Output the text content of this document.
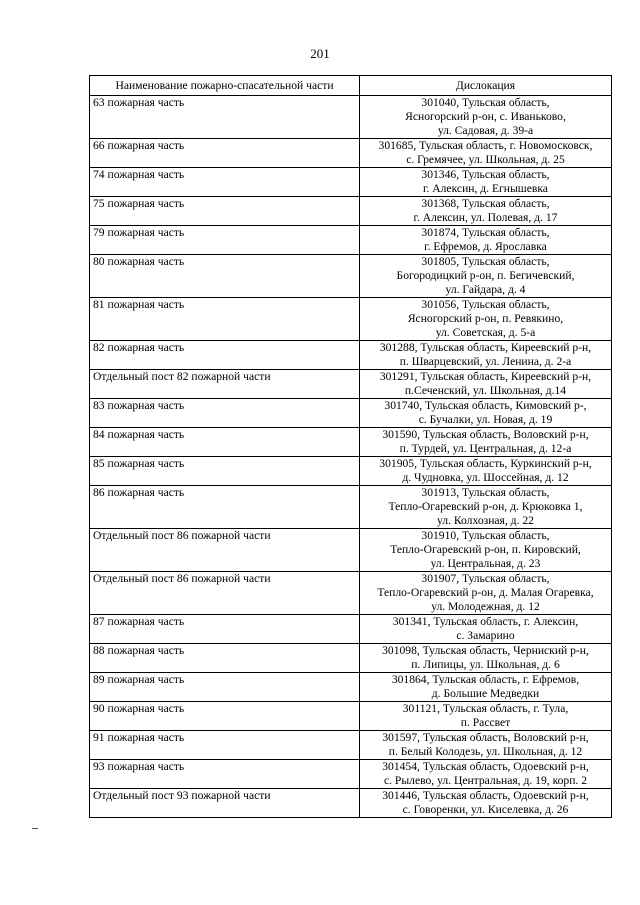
201
Наименование пожарно-спасательной части	Дислокация
63 пожарная часть	301040, Тульская область,
Ясногорский р-он, с. Иваньково,
ул. Садовая, д. 39-а

66 пожарная часть	301685, Тульская область, г. Новомосковск,
с. Гремячее, ул. Школьная, д. 25

74 пожарная часть	301346, Тульская область,
г. Алексин, д. Егнышевка

75 пожарная часть	301368, Тульская область,
г. Алексин, ул. Полевая, д. 17

79 пожарная часть	301874, Тульская область,
г. Ефремов, д. Ярославка

80 пожарная часть	301805, Тульская область,
Богородицкий р-он, п. Бегичевский,
ул. Гайдара, д. 4

81 пожарная часть	301056, Тульская область,
Ясногорский р-он, п. Ревякино,
ул. Советская, д. 5-а

82 пожарная часть	301288, Тульская область, Киреевский р-н,
п. Шварцевский, ул. Ленина, д. 2-а

Отдельный пост 82 пожарной части	301291, Тульская область, Киреевский р-н,
п.Сеченский, ул. Школьная, д.14

83 пожарная часть	301740, Тульская область, Кимовский р-,
с. Бучалки, ул. Новая, д. 19

84 пожарная часть	301590, Тульская область, Воловский р-н,
п. Турдей, ул. Центральная, д. 12-а

85 пожарная часть	301905, Тульская область, Куркинский р-н,
д. Чудновка, ул. Шоссейная, д. 12

86 пожарная часть	301913, Тульская область,
Тепло-Огаревский р-он, д. Крюковка 1,
ул. Колхозная, д. 22

Отдельный пост 86 пожарной части	301910, Тульская область,
Тепло-Огаревский р-он, п. Кировский,
ул. Центральная, д. 23

Отдельный пост 86 пожарной части	301907, Тульская область,
Тепло-Огаревский р-он, д. Малая Огаревка,
ул. Молодежная, д. 12

87 пожарная часть	301341, Тульская область, г. Алексин,
с. Замарино

88 пожарная часть	301098, Тульская область, Черниский р-н,
п. Липицы, ул. Школьная, д. 6

89 пожарная часть	301864, Тульская область, г. Ефремов,
д. Большие Медведки

90 пожарная часть	301121, Тульская область, г. Тула,
п. Рассвет

91 пожарная часть	301597, Тульская область, Воловский р-н,
п. Белый Колодезь, ул. Школьная, д. 12

93 пожарная часть	301454, Тульская область, Одоевский р-н,
с. Рылево, ул. Центральная, д. 19, корп. 2

Отдельный пост 93 пожарной части	301446, Тульская область, Одоевский р-н,
с. Говоренки, ул. Киселевка, д. 26
